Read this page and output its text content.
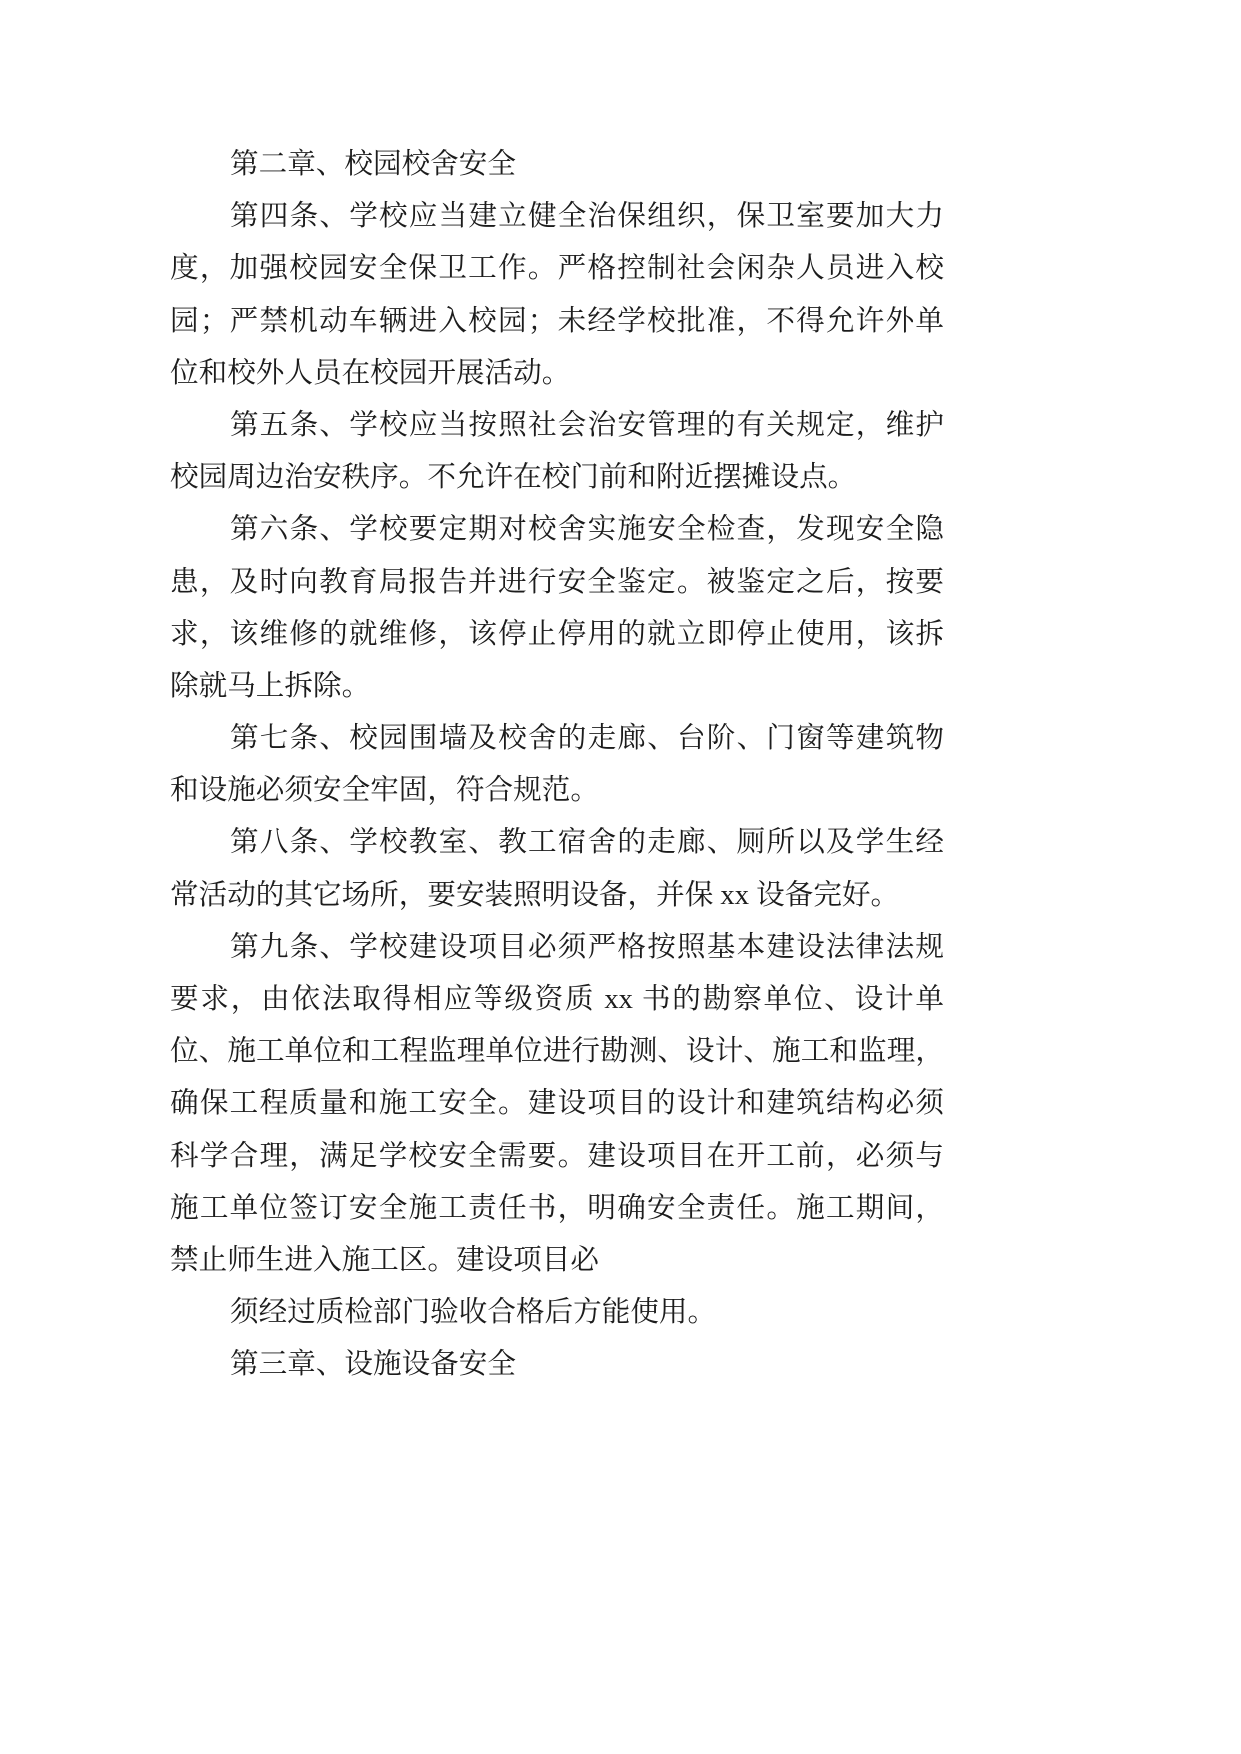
第二章、校园校舍安全
第四条、学校应当建立健全治保组织，保卫室要加大力
度，加强校园安全保卫工作。严格控制社会闲杂人员进入校
园；严禁机动车辆进入校园；未经学校批准，不得允许外单
位和校外人员在校园开展活动。
第五条、学校应当按照社会治安管理的有关规定，维护
校园周边治安秩序。不允许在校门前和附近摆摊设点。
第六条、学校要定期对校舍实施安全检查，发现安全隐
患，及时向教育局报告并进行安全鉴定。被鉴定之后，按要
求，该维修的就维修，该停止停用的就立即停止使用，该拆
除就马上拆除。
第七条、校园围墙及校舍的走廊、台阶、门窗等建筑物
和设施必须安全牢固，符合规范。
第八条、学校教室、教工宿舍的走廊、厕所以及学生经
常活动的其它场所，要安装照明设备，并保 xx 设备完好。
第九条、学校建设项目必须严格按照基本建设法律法规
要求，由依法取得相应等级资质 xx 书的勘察单位、设计单
位、施工单位和工程监理单位进行勘测、设计、施工和监理，
确保工程质量和施工安全。建设项目的设计和建筑结构必须
科学合理，满足学校安全需要。建设项目在开工前，必须与
施工单位签订安全施工责任书，明确安全责任。施工期间，
禁止师生进入施工区。建设项目必
须经过质检部门验收合格后方能使用。
第三章、设施设备安全
